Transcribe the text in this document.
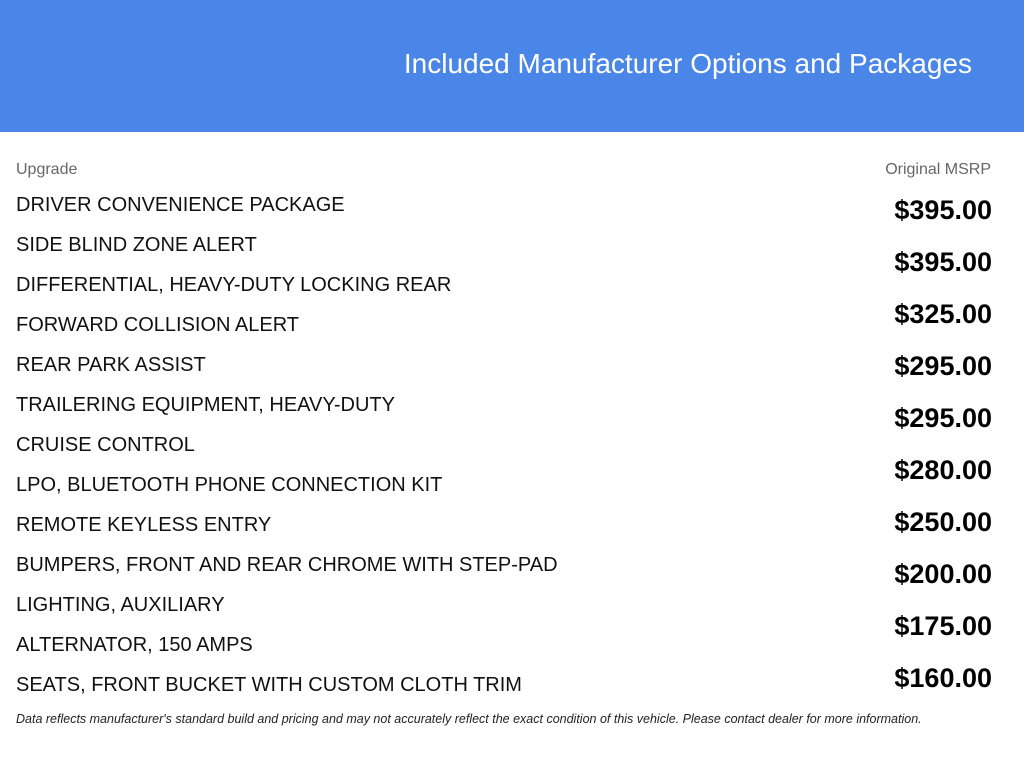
Included Manufacturer Options and Packages
Upgrade	Original MSRP
DRIVER CONVENIENCE PACKAGE
SIDE BLIND ZONE ALERT
DIFFERENTIAL, HEAVY-DUTY LOCKING REAR
FORWARD COLLISION ALERT
REAR PARK ASSIST
TRAILERING EQUIPMENT, HEAVY-DUTY
CRUISE CONTROL
LPO, BLUETOOTH PHONE CONNECTION KIT
REMOTE KEYLESS ENTRY
BUMPERS, FRONT AND REAR CHROME WITH STEP-PAD
LIGHTING, AUXILIARY
ALTERNATOR, 150 AMPS
SEATS, FRONT BUCKET WITH CUSTOM CLOTH TRIM
$395.00
$395.00
$325.00
$295.00
$295.00
$280.00
$250.00
$200.00
$175.00
$160.00
Data reflects manufacturer's standard build and pricing and may not accurately reflect the exact condition of this vehicle. Please contact dealer for more information.
